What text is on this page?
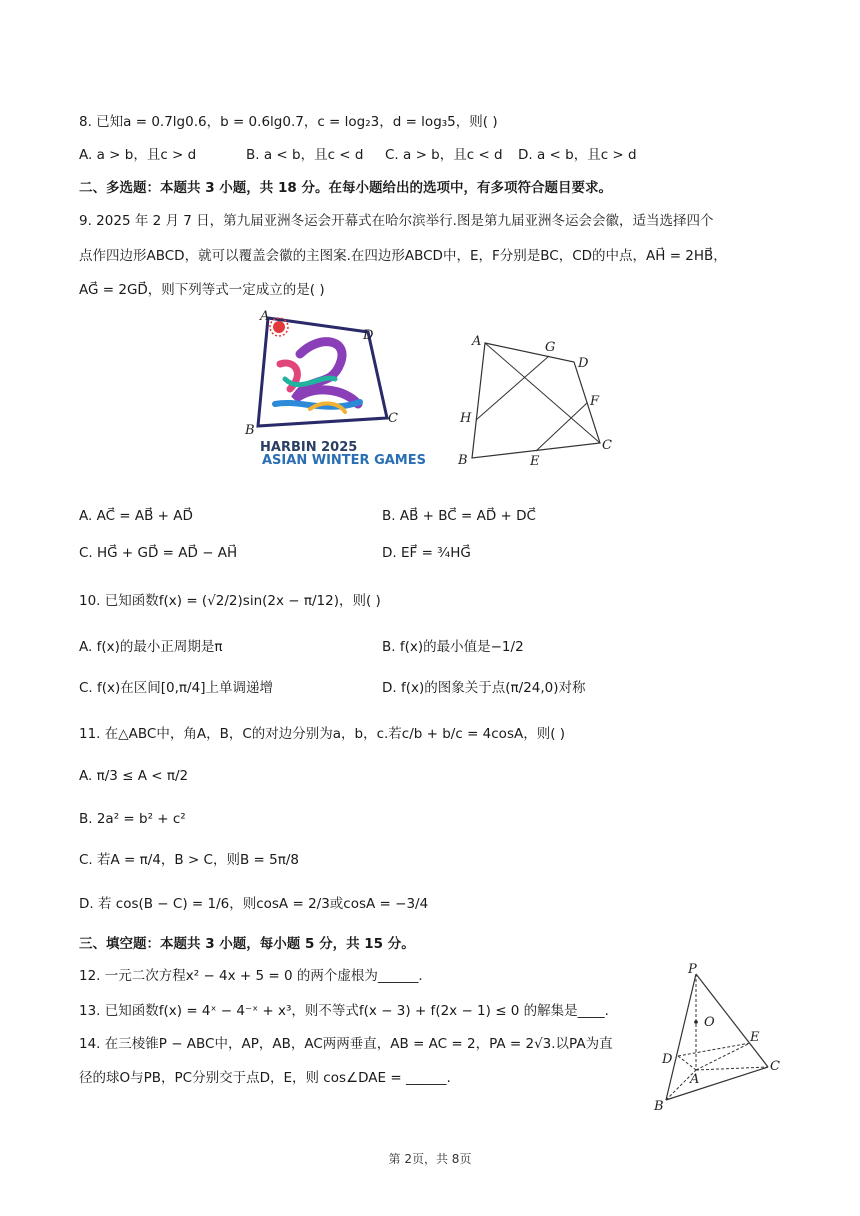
8. 已知a = 0.7lg0.6，b = 0.6lg0.7，c = log₂3，d = log₃5，则( )
A. a > b，且c > d	B. a < b，且c < d C. a > b，且c < d D. a < b，且c > d
二、多选题：本题共 3 小题，共 18 分。在每小题给出的选项中，有多项符合题目要求。
9. 2025 年 2 月 7 日，第九届亚洲冬运会开幕式在哈尔滨举行.图是第九届亚洲冬运会会徽，适当选择四个
点作四边形ABCD，就可以覆盖会徽的主图案.在四边形ABCD中，E，F分别是BC，CD的中点，AH⃗ = 2HB⃗，
AG⃗ = 2GD⃗，则下列等式一定成立的是( )
A
D
C
B
HARBIN 2025
ASIAN WINTER GAMES
A	G
D
F
H
C
B	E
A. AC⃗ = AB⃗ + AD⃗	B. AB⃗ + BC⃗ = AD⃗ + DC⃗
C. HG⃗ + GD⃗ = AD⃗ − AH⃗	D. EF⃗ = ¾HG⃗
10. 已知函数f(x) = (√2/2)sin(2x − π/12)，则( )
A. f(x)的最小正周期是π	B. f(x)的最小值是−1/2
C. f(x)在区间[0,π/4]上单调递增	D. f(x)的图象关于点(π/24,0)对称
11. 在△ABC中，角A，B，C的对边分别为a，b，c.若c/b + b/c = 4cosA，则( )
A. π/3 ≤ A < π/2
B. 2a² = b² + c²
C. 若A = π/4，B > C，则B = 5π/8
D. 若 cos(B − C) = 1/6，则cosA = 2/3或cosA = −3/4
三、填空题：本题共 3 小题，每小题 5 分，共 15 分。
12. 一元二次方程x² − 4x + 5 = 0 的两个虚根为______.
13. 已知函数f(x) = 4ˣ − 4⁻ˣ + x³，则不等式f(x − 3) + f(2x − 1) ≤ 0 的解集是____.
14. 在三棱锥P − ABC中，AP，AB，AC两两垂直，AB = AC = 2，PA = 2√3.以PA为直
径的球O与PB，PC分别交于点D，E，则 cos∠DAE = ______.
P
O
E
D
A
C
B
第 2页，共 8页
